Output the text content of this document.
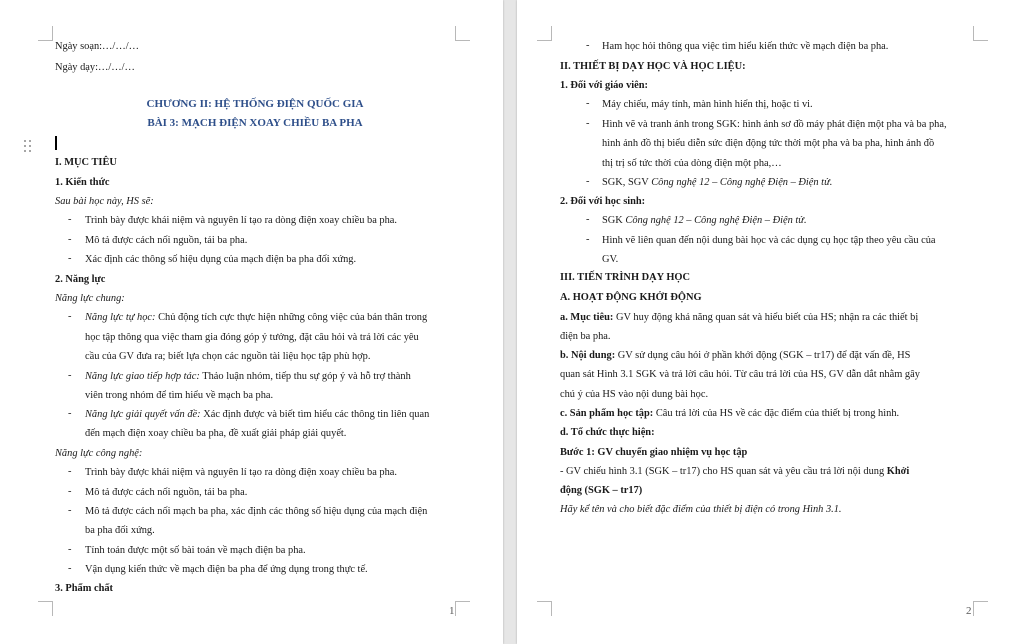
Ngày soạn:…/…/…
Ngày dạy:…/…/…
CHƯƠNG II: HỆ THỐNG ĐIỆN QUỐC GIA
BÀI 3: MẠCH ĐIỆN XOAY CHIỀU BA PHA
I. MỤC TIÊU
1. Kiến thức
Sau bài học này, HS sẽ:
- Trình bày được khái niệm và nguyên lí tạo ra dòng điện xoay chiều ba pha.
- Mô tả được cách nối nguồn, tải ba pha.
- Xác định các thông số hiệu dụng của mạch điện ba pha đối xứng.
2. Năng lực
Năng lực chung:
- Năng lực tự học: Chủ động tích cực thực hiện những công việc của bản thân trong
học tập thông qua việc tham gia đóng góp ý tưởng, đặt câu hỏi và trả lời các yêu
cầu của GV đưa ra; biết lựa chọn các nguồn tài liệu học tập phù hợp.
- Năng lực giao tiếp hợp tác: Thảo luận nhóm, tiếp thu sự góp ý và hỗ trợ thành
viên trong nhóm để tìm hiểu về mạch ba pha.
- Năng lực giải quyết vấn đề: Xác định được và biết tìm hiểu các thông tin liên quan
đến mạch điện xoay chiều ba pha, đề xuất giải pháp giải quyết.
Năng lực công nghệ:
- Trình bày được khái niệm và nguyên lí tạo ra dòng điện xoay chiều ba pha.
- Mô tả được cách nối nguồn, tải ba pha.
- Mô tả được cách nối mạch ba pha, xác định các thông số hiệu dụng của mạch điện
ba pha đối xứng.
- Tính toán được một số bài toán về mạch điện ba pha.
- Vận dụng kiến thức về mạch điện ba pha để ứng dụng trong thực tế.
3. Phẩm chất
1
- Ham học hỏi thông qua việc tìm hiểu kiến thức về mạch điện ba pha.
II. THIẾT BỊ DẠY HỌC VÀ HỌC LIỆU:
1. Đối với giáo viên:
- Máy chiếu, máy tính, màn hình hiển thị, hoặc ti vi.
- Hình vẽ và tranh ảnh trong SGK: hình ảnh sơ đồ máy phát điện một pha và ba pha,
hình ảnh đồ thị biểu diễn sức điện động tức thời một pha và ba pha, hình ảnh đồ
thị trị số tức thời của dòng điện một pha,…
- SGK, SGV Công nghệ 12 – Công nghệ Điện – Điện tử.
2. Đối với học sinh:
- SGK Công nghệ 12 – Công nghệ Điện – Điện tử.
- Hình vẽ liên quan đến nội dung bài học và các dụng cụ học tập theo yêu cầu của
GV.
III. TIẾN TRÌNH DẠY HỌC
A. HOẠT ĐỘNG KHỞI ĐỘNG
a. Mục tiêu: GV huy động khả năng quan sát và hiểu biết của HS; nhận ra các thiết bị
điện ba pha.
b. Nội dung: GV sử dụng câu hỏi ở phần khởi động (SGK – tr17) để đặt vấn đề, HS
quan sát Hình 3.1 SGK và trả lời câu hỏi. Từ câu trả lời của HS, GV dẫn dắt nhằm gây
chú ý của HS vào nội dung bài học.
c. Sản phẩm học tập: Câu trả lời của HS về các đặc điểm của thiết bị trong hình.
d. Tổ chức thực hiện:
Bước 1: GV chuyển giao nhiệm vụ học tập
- GV chiếu hình 3.1 (SGK – tr17) cho HS quan sát và yêu cầu trả lời nội dung Khởi
động (SGK – tr17)
Hãy kể tên và cho biết đặc điểm của thiết bị điện có trong Hình 3.1.
2
